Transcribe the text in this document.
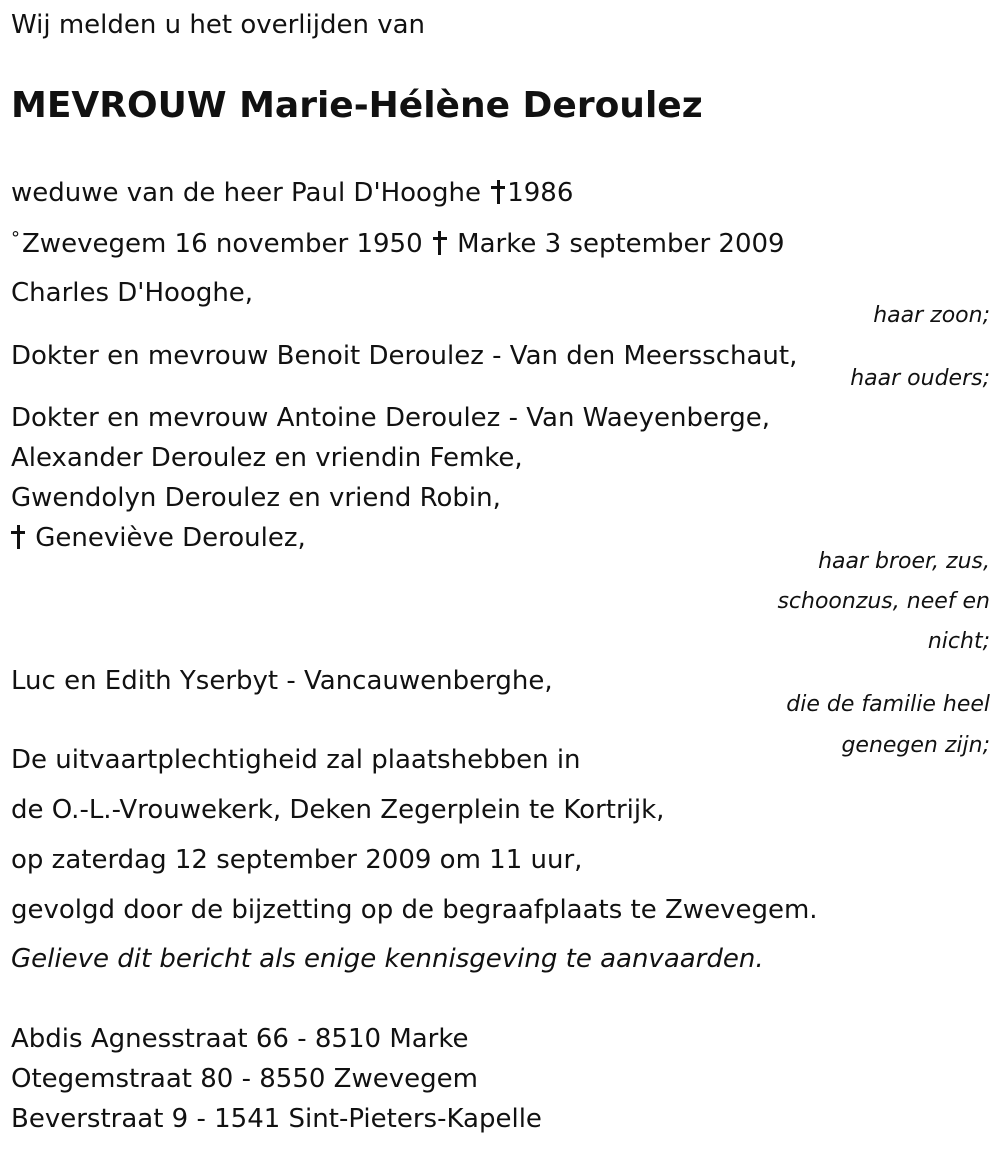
Wij melden u het overlijden van
MEVROUW Marie-Hélène Deroulez
weduwe van de heer Paul D'Hooghe 1986
°Zwevegem 16 november 1950 Marke 3 september 2009
Charles D'Hooghe,
haar zoon;
Dokter en mevrouw Benoit Deroulez - Van den Meersschaut,
haar ouders;
Dokter en mevrouw Antoine Deroulez - Van Waeyenberge,
Alexander Deroulez en vriendin Femke,
Gwendolyn Deroulez en vriend Robin,
Geneviève Deroulez,
haar broer, zus,
schoonzus, neef en
nicht;
Luc en Edith Yserbyt - Vancauwenberghe,
die de familie heel
genegen zijn;
De uitvaartplechtigheid zal plaatshebben in
de O.-L.-Vrouwekerk, Deken Zegerplein te Kortrijk,
op zaterdag 12 september 2009 om 11 uur,
gevolgd door de bijzetting op de begraafplaats te Zwevegem.
Gelieve dit bericht als enige kennisgeving te aanvaarden.
Abdis Agnesstraat 66 - 8510 Marke
Otegemstraat 80 - 8550 Zwevegem
Beverstraat 9 - 1541 Sint-Pieters-Kapelle
